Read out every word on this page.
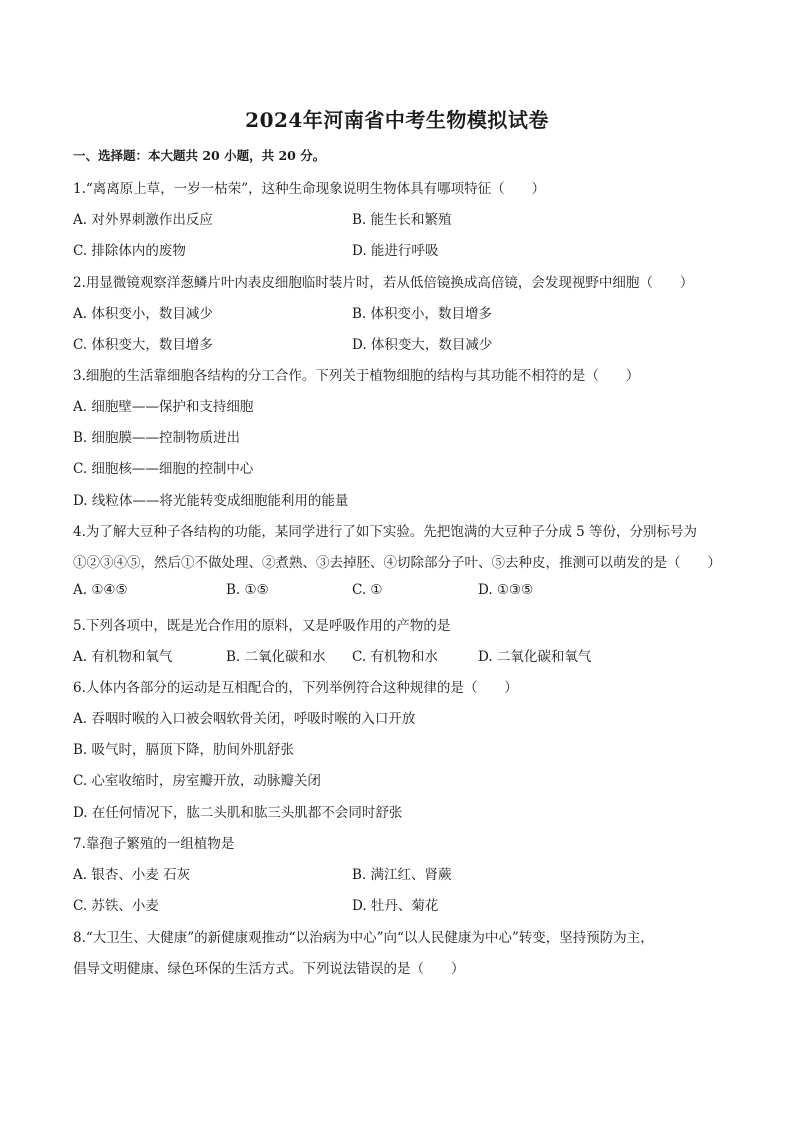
2024年河南省中考生物模拟试卷
一、选择题：本大题共 20 小题，共 20 分。
1.“离离原上草，一岁一枯荣”，这种生命现象说明生物体具有哪项特征（　　）
A. 对外界刺激作出反应	B. 能生长和繁殖
C. 排除体内的废物	D. 能进行呼吸
2.用显微镜观察洋葱鳞片叶内表皮细胞临时装片时，若从低倍镜换成高倍镜，会发现视野中细胞（　　）
A. 体积变小，数目减少	B. 体积变小，数目增多
C. 体积变大，数目增多	D. 体积变大，数目减少
3.细胞的生活靠细胞各结构的分工合作。下列关于植物细胞的结构与其功能不相符的是（　　）
A. 细胞壁——保护和支持细胞
B. 细胞膜——控制物质进出
C. 细胞核——细胞的控制中心
D. 线粒体——将光能转变成细胞能利用的能量
4.为了解大豆种子各结构的功能，某同学进行了如下实验。先把饱满的大豆种子分成 5 等份，分别标号为
①②③④⑤，然后①不做处理、②煮熟、③去掉胚、④切除部分子叶、⑤去种皮，推测可以萌发的是（　　）
A. ①④⑤	B. ①⑤	C. ①	D. ①③⑤
5.下列各项中，既是光合作用的原料，又是呼吸作用的产物的是
A. 有机物和氧气	B. 二氧化碳和水 C. 有机物和水	D. 二氧化碳和氧气
6.人体内各部分的运动是互相配合的，下列举例符合这种规律的是（　　）
A. 吞咽时喉的入口被会咽软骨关闭，呼吸时喉的入口开放
B. 吸气时，膈顶下降，肋间外肌舒张
C. 心室收缩时，房室瓣开放，动脉瓣关闭
D. 在任何情况下，肱二头肌和肱三头肌都不会同时舒张
7.靠孢子繁殖的一组植物是
A. 银杏、小麦 石灰	B. 满江红、肾蕨
C. 苏铁、小麦	D. 牡丹、菊花
8.“大卫生、大健康”的新健康观推动“以治病为中心”向“以人民健康为中心”转变，坚持预防为主，
倡导文明健康、绿色环保的生活方式。下列说法错误的是（　　）
